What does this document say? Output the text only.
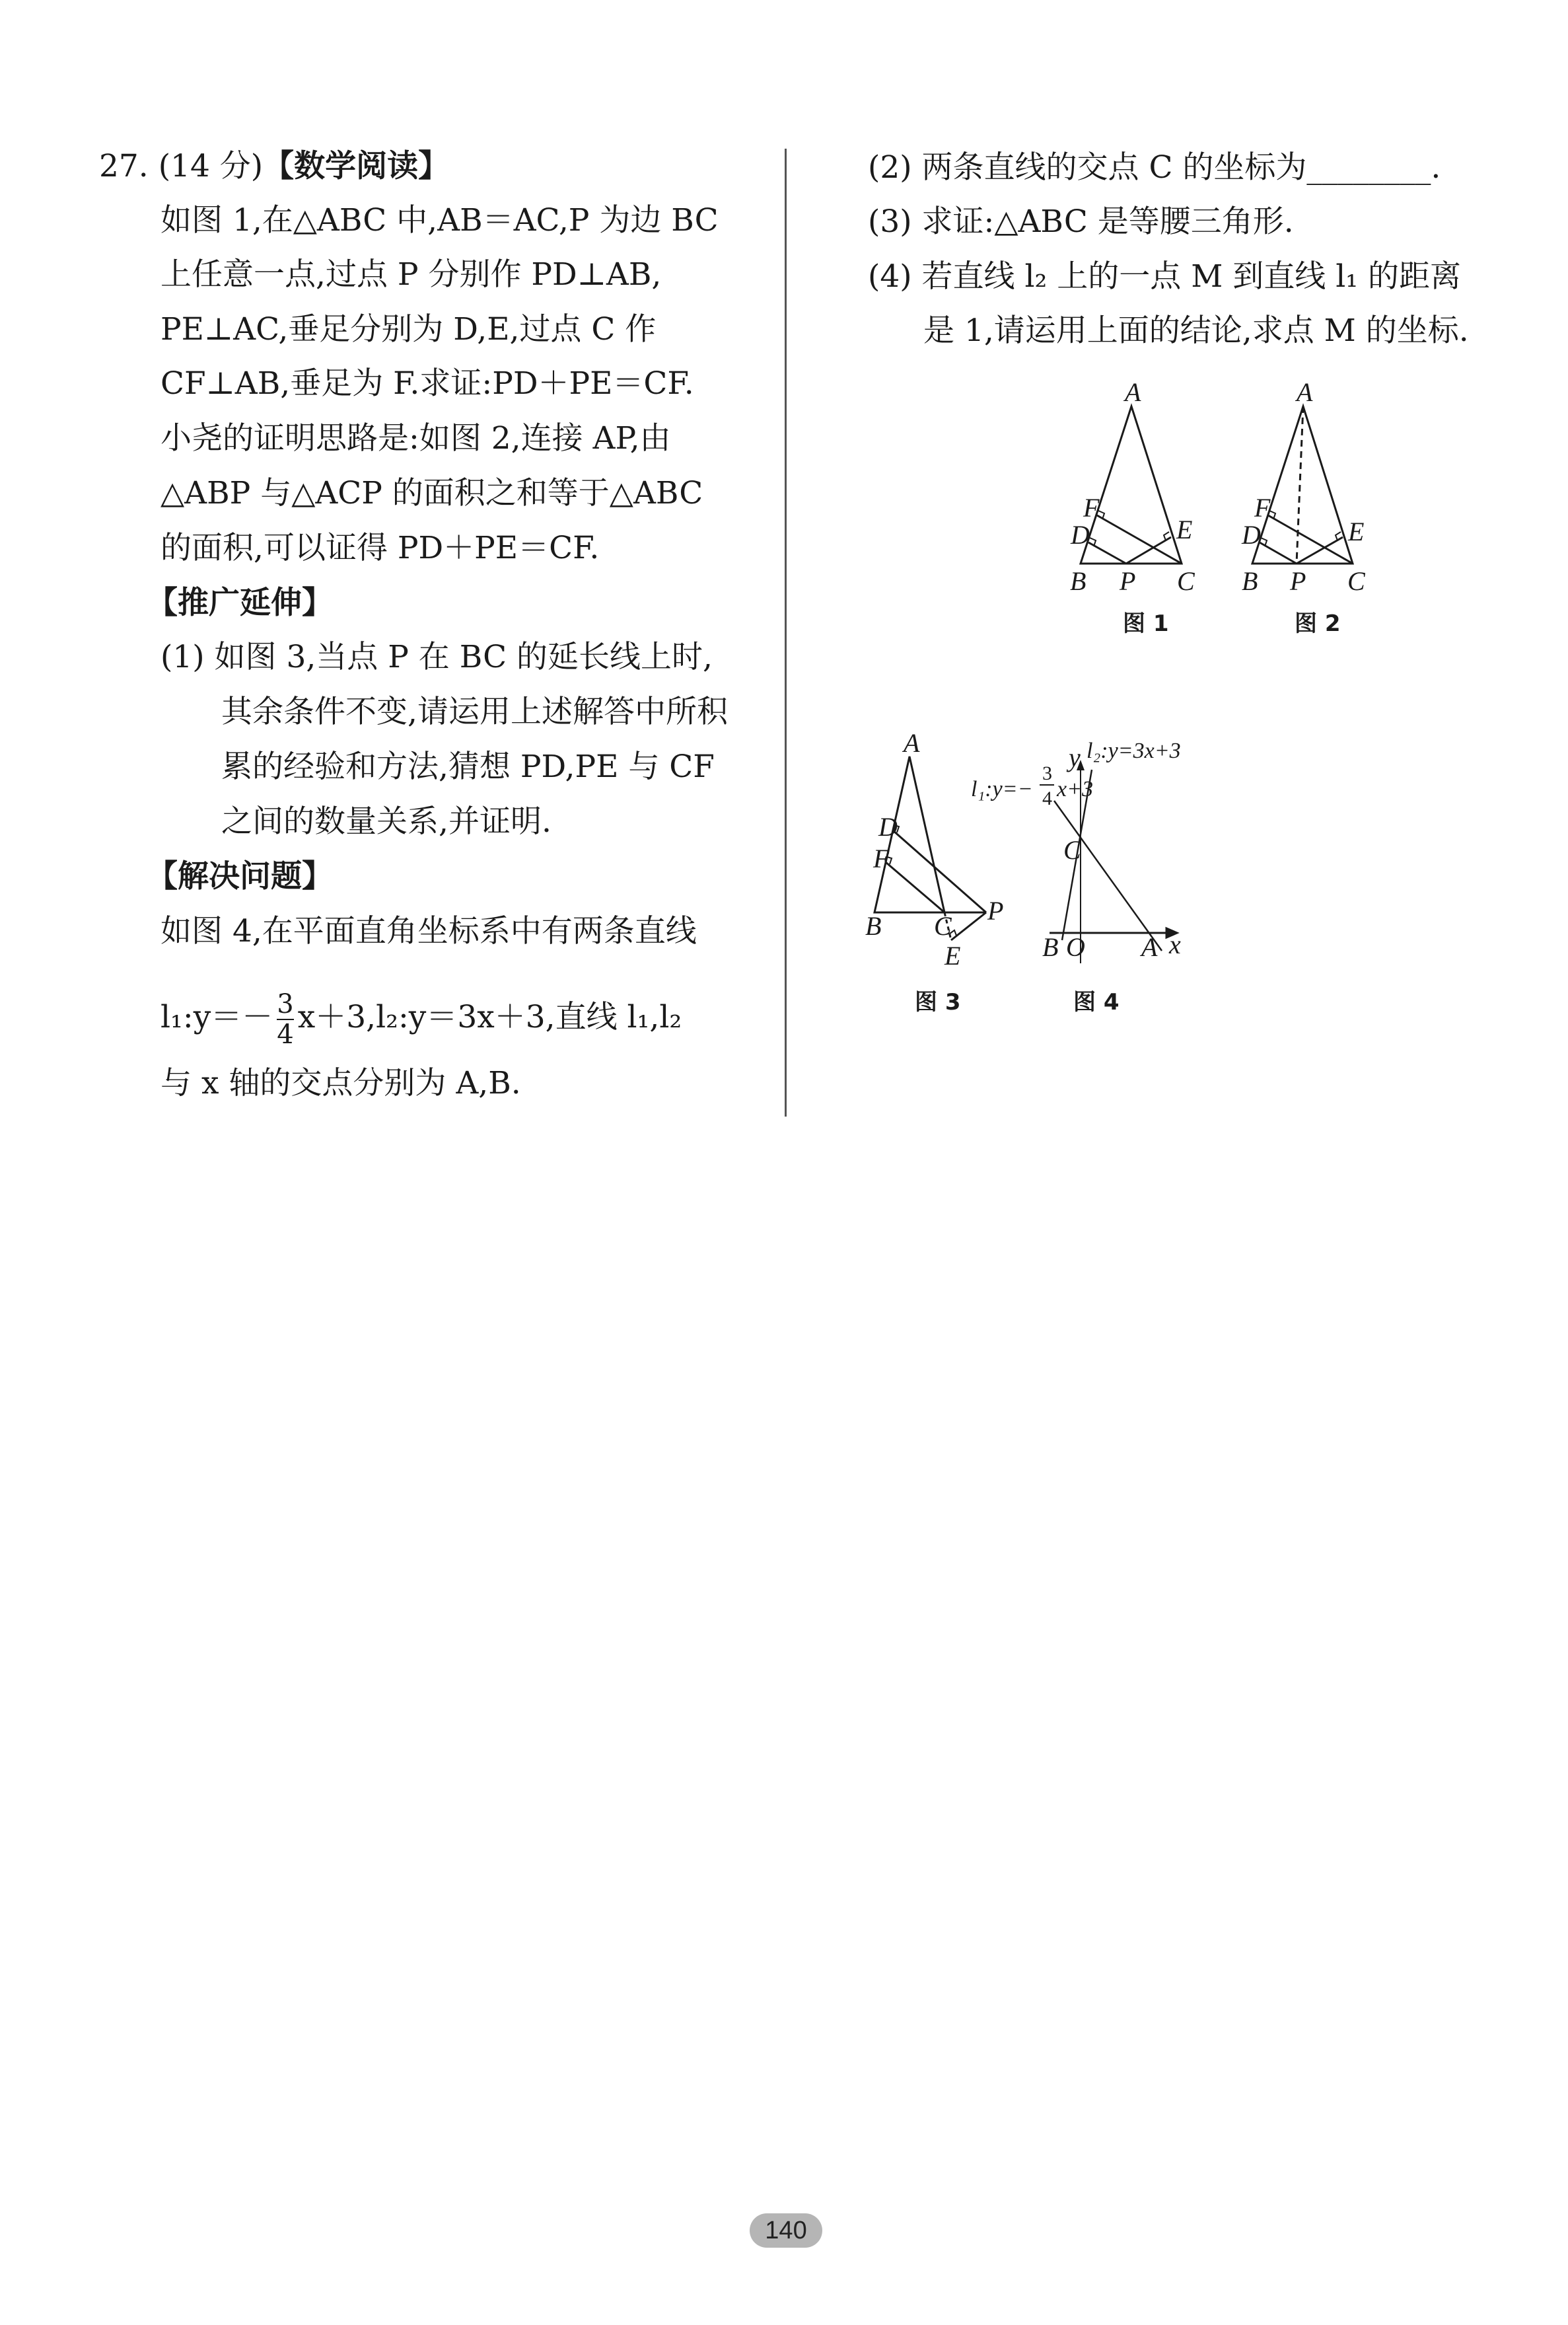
27. (14 分)【数学阅读】
如图 1,在△ABC 中,AB＝AC,P 为边 BC
上任意一点,过点 P 分别作 PD⊥AB,
PE⊥AC,垂足分别为 D,E,过点 C 作
CF⊥AB,垂足为 F.求证:PD＋PE＝CF.
小尧的证明思路是:如图 2,连接 AP,由
△ABP 与△ACP 的面积之和等于△ABC
的面积,可以证得 PD＋PE＝CF.
【推广延伸】
(1) 如图 3,当点 P 在 BC 的延长线上时,
其余条件不变,请运用上述解答中所积
累的经验和方法,猜想 PD,PE 与 CF
之间的数量关系,并证明.
【解决问题】
如图 4,在平面直角坐标系中有两条直线
l₁:y＝－ $\frac{3}{4}$ x＋3,l₂:y＝3x＋3,直线 l₁,l₂
与 x 轴的交点分别为 A,B.
(2) 两条直线的交点 C 的坐标为________.
(3) 求证:△ABC 是等腰三角形.
(4) 若直线 l₂ 上的一点 M 到直线 l₁ 的距离
是 1,请运用上面的结论,求点 M 的坐标.
A
B P C
F
D	E
图 1
A
B P C
F
D	E
图 2
A
B C
P
D
F
E
图 3
y
x
O
B	A
C
l₂:y=3x+3
l₁:y=−
3
4 x+3
图 4
140
